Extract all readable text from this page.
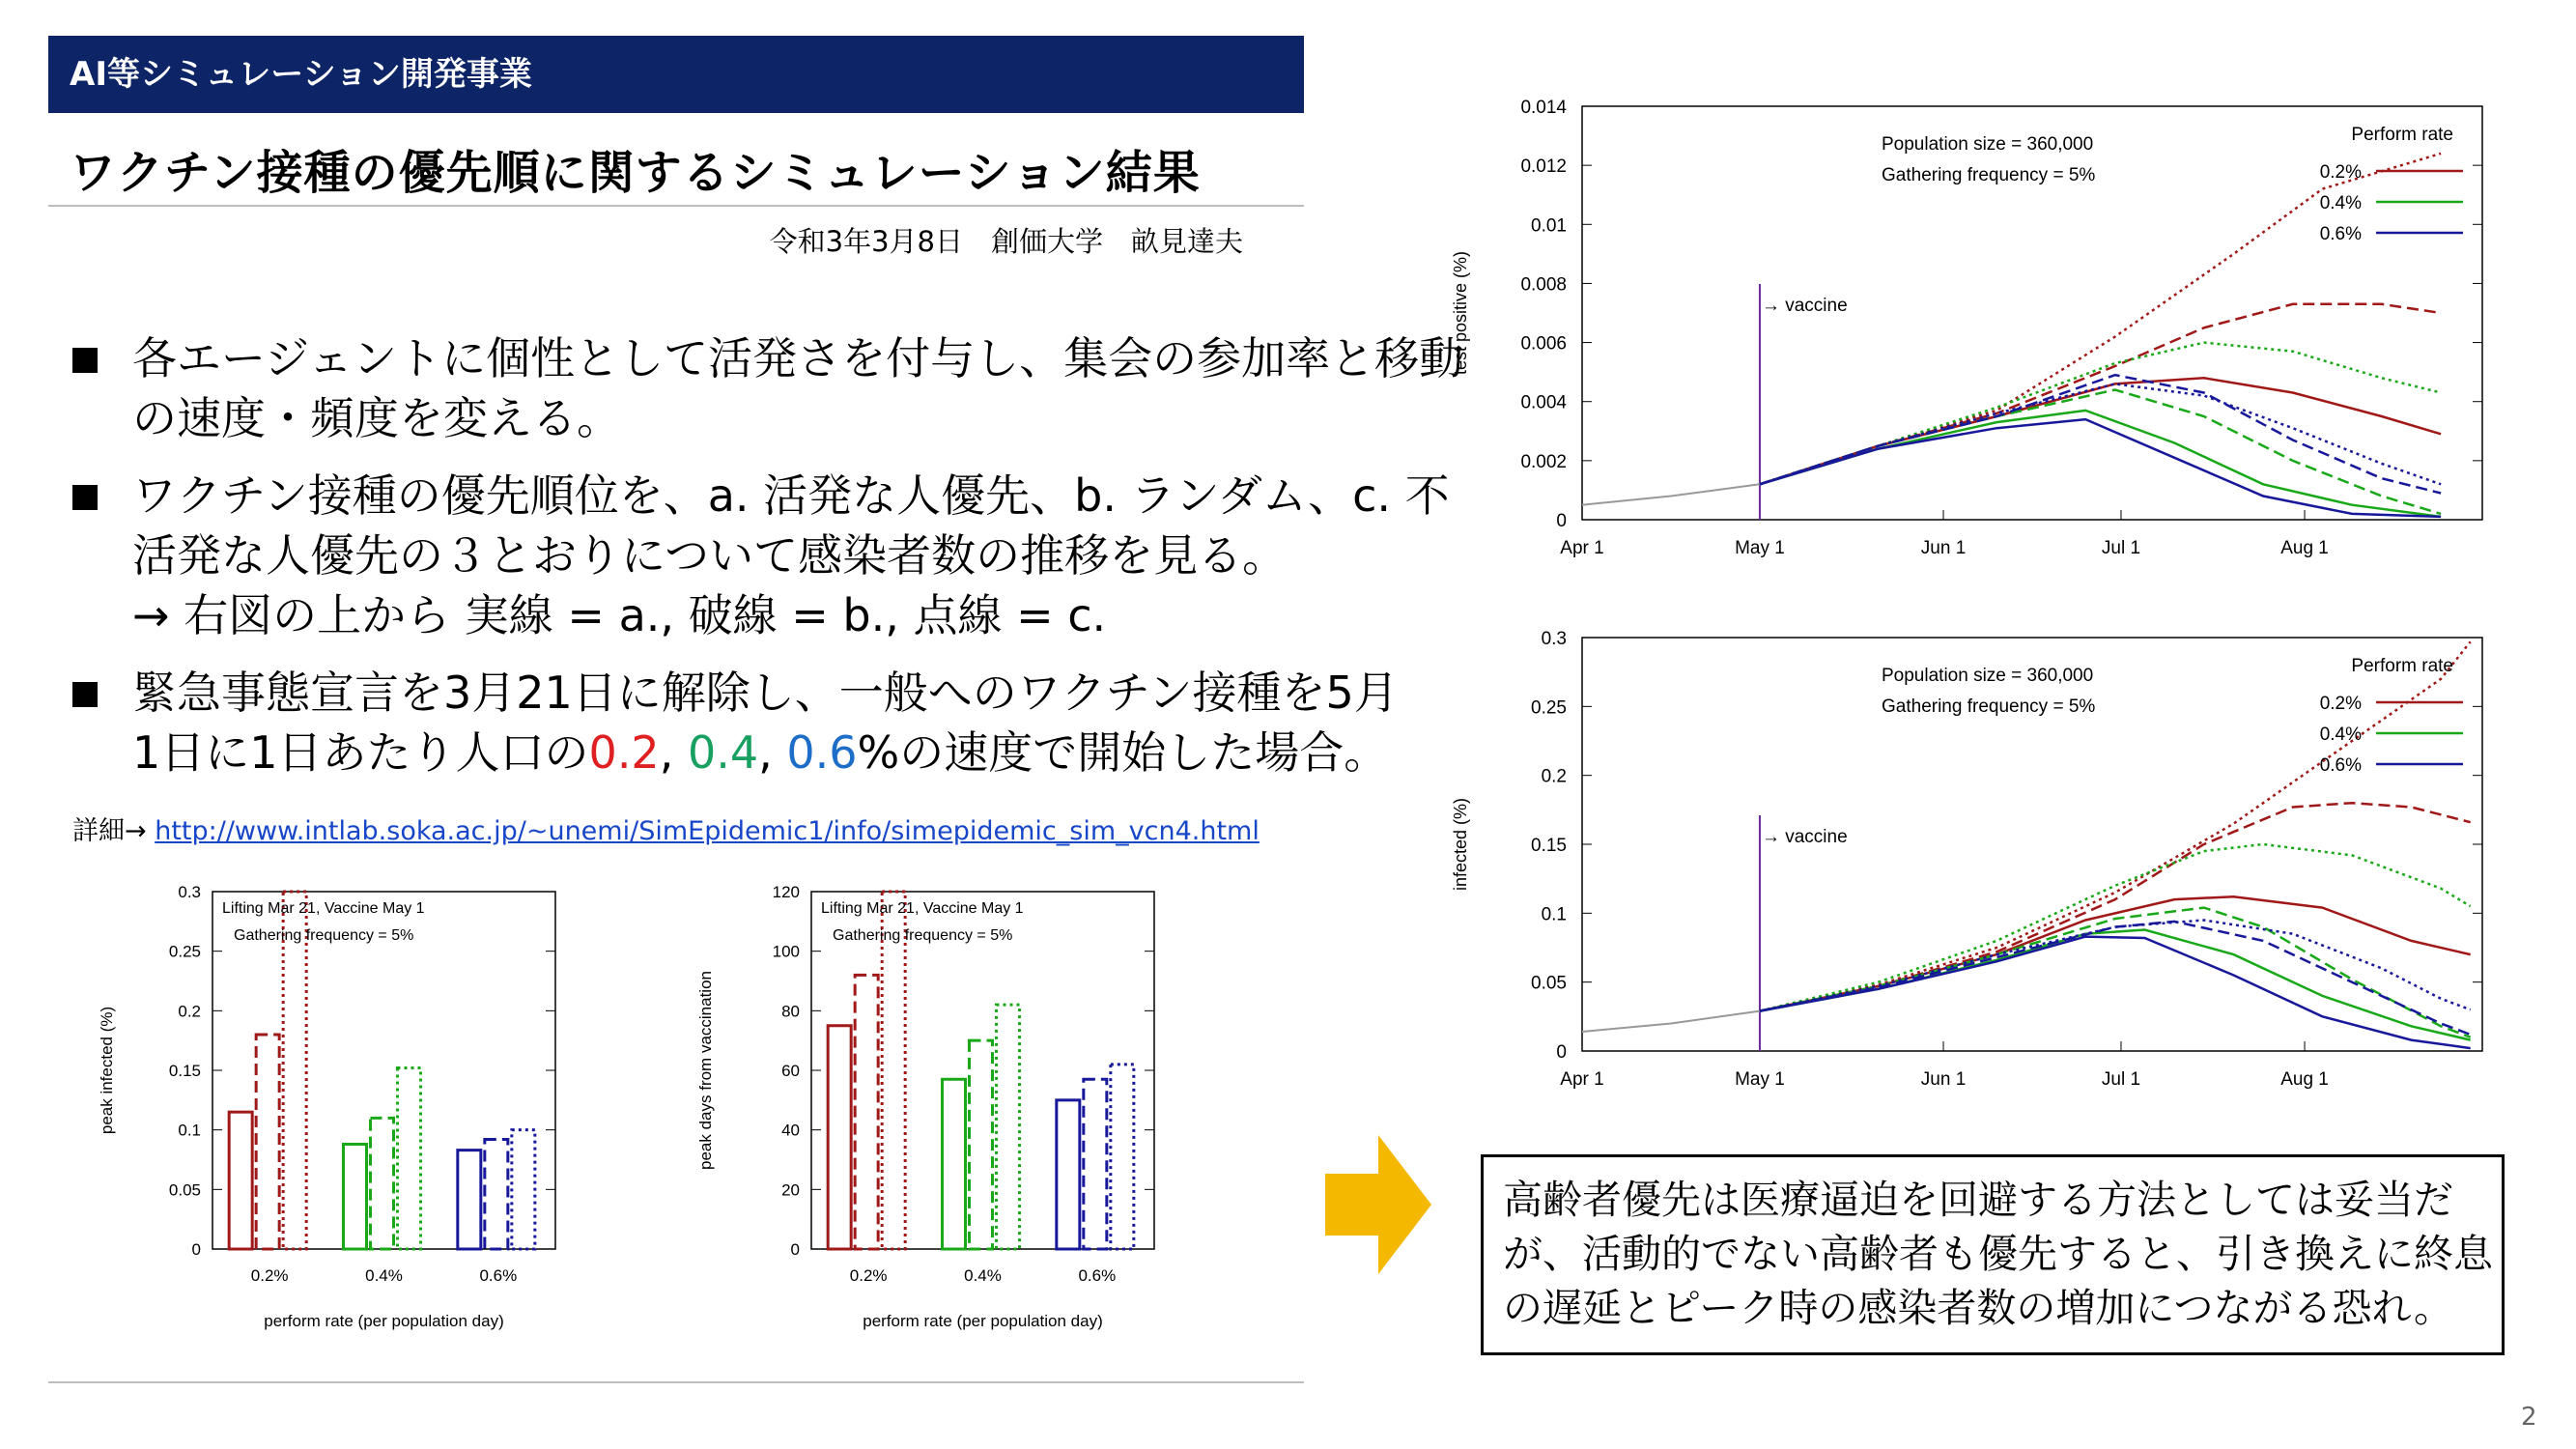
AI等シミュレーション開発事業
ワクチン接種の優先順に関するシミュレーション結果
令和3年3月8日　創価大学　畝見達夫
各エージェントに個性として活発さを付与し、集会の参加率と移動
の速度・頻度を変える。
ワクチン接種の優先順位を、a. 活発な人優先、b. ランダム、c. 不
活発な人優先の３とおりについて感染者数の推移を見る。
→ 右図の上から 実線 = a., 破線 = b., 点線 = c.
緊急事態宣言を3月21日に解除し、一般へのワクチン接種を5月
1日に1日あたり人口の0.2, 0.4, 0.6%の速度で開始した場合。
詳細→ http://www.intlab.soka.ac.jp/~unemi/SimEpidemic1/info/simepidemic_sim_vcn4.html
0
0.05
0.1
0.15
0.2
0.25
0.3
0.2%	0.4%	0.6%
Lifting Mar 21, Vaccine May 1
Gathering frequency = 5%
perform rate (per population day)
peak infected (%)
0
20
40
60
80
100
120
0.2%	0.4%	0.6%
Lifting Mar 21, Vaccine May 1
Gathering frequency = 5%
perform rate (per population day)
peak days from vaccination
0
0.002
0.004
0.006
0.008
0.01
0.012
0.014
Apr 1	May 1	Jun 1	Jul 1	Aug 1
→ vaccine
Population size = 360,000
Gathering frequency = 5%
Perform rate
0.2%
0.4%
0.6%
test positive (%)
0
0.05
0.1
0.15
0.2
0.25
0.3
Apr 1	May 1	Jun 1	Jul 1	Aug 1
→ vaccine
Population size = 360,000
Gathering frequency = 5%
Perform rate
0.2%
0.4%
0.6%
infected (%)
高齢者優先は医療逼迫を回避する方法としては妥当だ
が、活動的でない高齢者も優先すると、引き換えに終息
の遅延とピーク時の感染者数の増加につながる恐れ。
2
